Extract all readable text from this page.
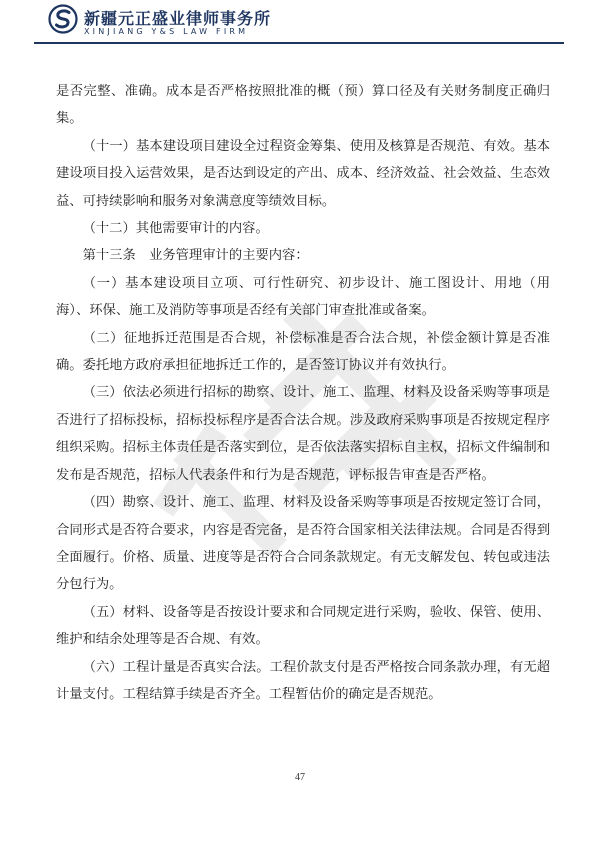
新疆元正盛业律师事务所
XINJIANG Y&S LAW FIRM

是否完整、准确。成本是否严格按照批准的概（预）算口径及有关财务制度正确归集。

（十一）基本建设项目建设全过程资金筹集、使用及核算是否规范、有效。基本建设项目投入运营效果，是否达到设定的产出、成本、经济效益、社会效益、生态效益、可持续影响和服务对象满意度等绩效目标。

（十二）其他需要审计的内容。

第十三条　业务管理审计的主要内容：

（一）基本建设项目立项、可行性研究、初步设计、施工图设计、用地（用海）、环保、施工及消防等事项是否经有关部门审查批准或备案。

（二）征地拆迁范围是否合规，补偿标准是否合法合规，补偿金额计算是否准确。委托地方政府承担征地拆迁工作的，是否签订协议并有效执行。

（三）依法必须进行招标的勘察、设计、施工、监理、材料及设备采购等事项是否进行了招标投标，招标投标程序是否合法合规。涉及政府采购事项是否按规定程序组织采购。招标主体责任是否落实到位，是否依法落实招标自主权，招标文件编制和发布是否规范，招标人代表条件和行为是否规范，评标报告审查是否严格。

（四）勘察、设计、施工、监理、材料及设备采购等事项是否按规定签订合同，合同形式是否符合要求，内容是否完备，是否符合国家相关法律法规。合同是否得到全面履行。价格、质量、进度等是否符合合同条款规定。有无支解发包、转包或违法分包行为。

（五）材料、设备等是否按设计要求和合同规定进行采购，验收、保管、使用、维护和结余处理等是否合规、有效。

（六）工程计量是否真实合法。工程价款支付是否严格按合同条款办理，有无超计量支付。工程结算手续是否齐全。工程暂估价的确定是否规范。

47
